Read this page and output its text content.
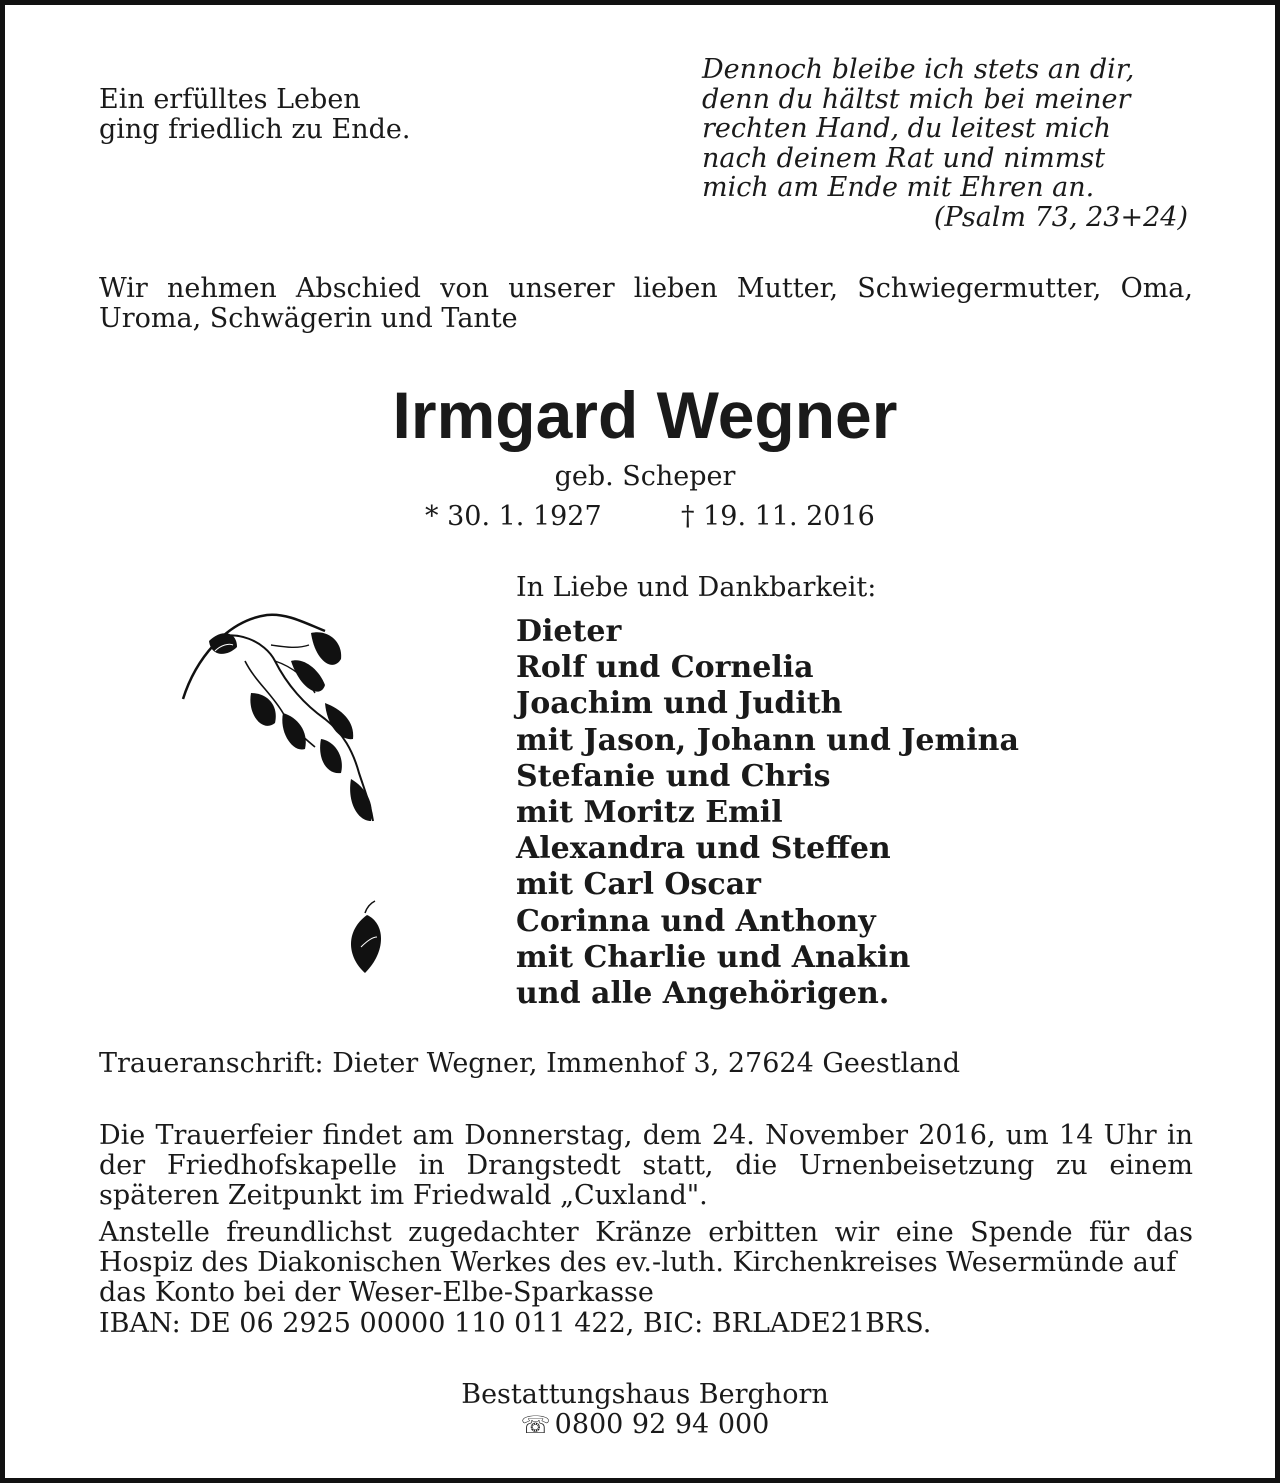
Ein erfülltes Leben
ging friedlich zu Ende.
Dennoch bleibe ich stets an dir,
denn du hältst mich bei meiner
rechten Hand, du leitest mich
nach deinem Rat und nimmst
mich am Ende mit Ehren an.
(Psalm 73, 23+24)
Wir nehmen Abschied von unserer lieben Mutter, Schwiegermutter, Oma, Uroma, Schwägerin und Tante
Irmgard Wegner
geb. Scheper
* 30. 1. 1927	† 19. 11. 2016
In Liebe und Dankbarkeit:
Dieter
Rolf und Cornelia
Joachim und Judith
mit Jason, Johann und Jemina
Stefanie und Chris
mit Moritz Emil
Alexandra und Steffen
mit Carl Oscar
Corinna und Anthony
mit Charlie und Anakin
und alle Angehörigen.
Traueranschrift: Dieter Wegner, Immenhof 3, 27624 Geestland
Die Trauerfeier findet am Donnerstag, dem 24. November 2016, um 14 Uhr in der Friedhofskapelle in Drangstedt statt, die Urnenbeisetzung zu einem späteren Zeitpunkt im Friedwald „Cuxland".
Anstelle freundlichst zugedachter Kränze erbitten wir eine Spende für das Hospiz des Diakonischen Werkes des ev.-luth. Kirchenkreises Wesermünde auf
das Konto bei der Weser-Elbe-Sparkasse
IBAN: DE 06 2925 00000 110 011 422, BIC: BRLADE21BRS.
Bestattungshaus Berghorn
☏ 0800 92 94 000
